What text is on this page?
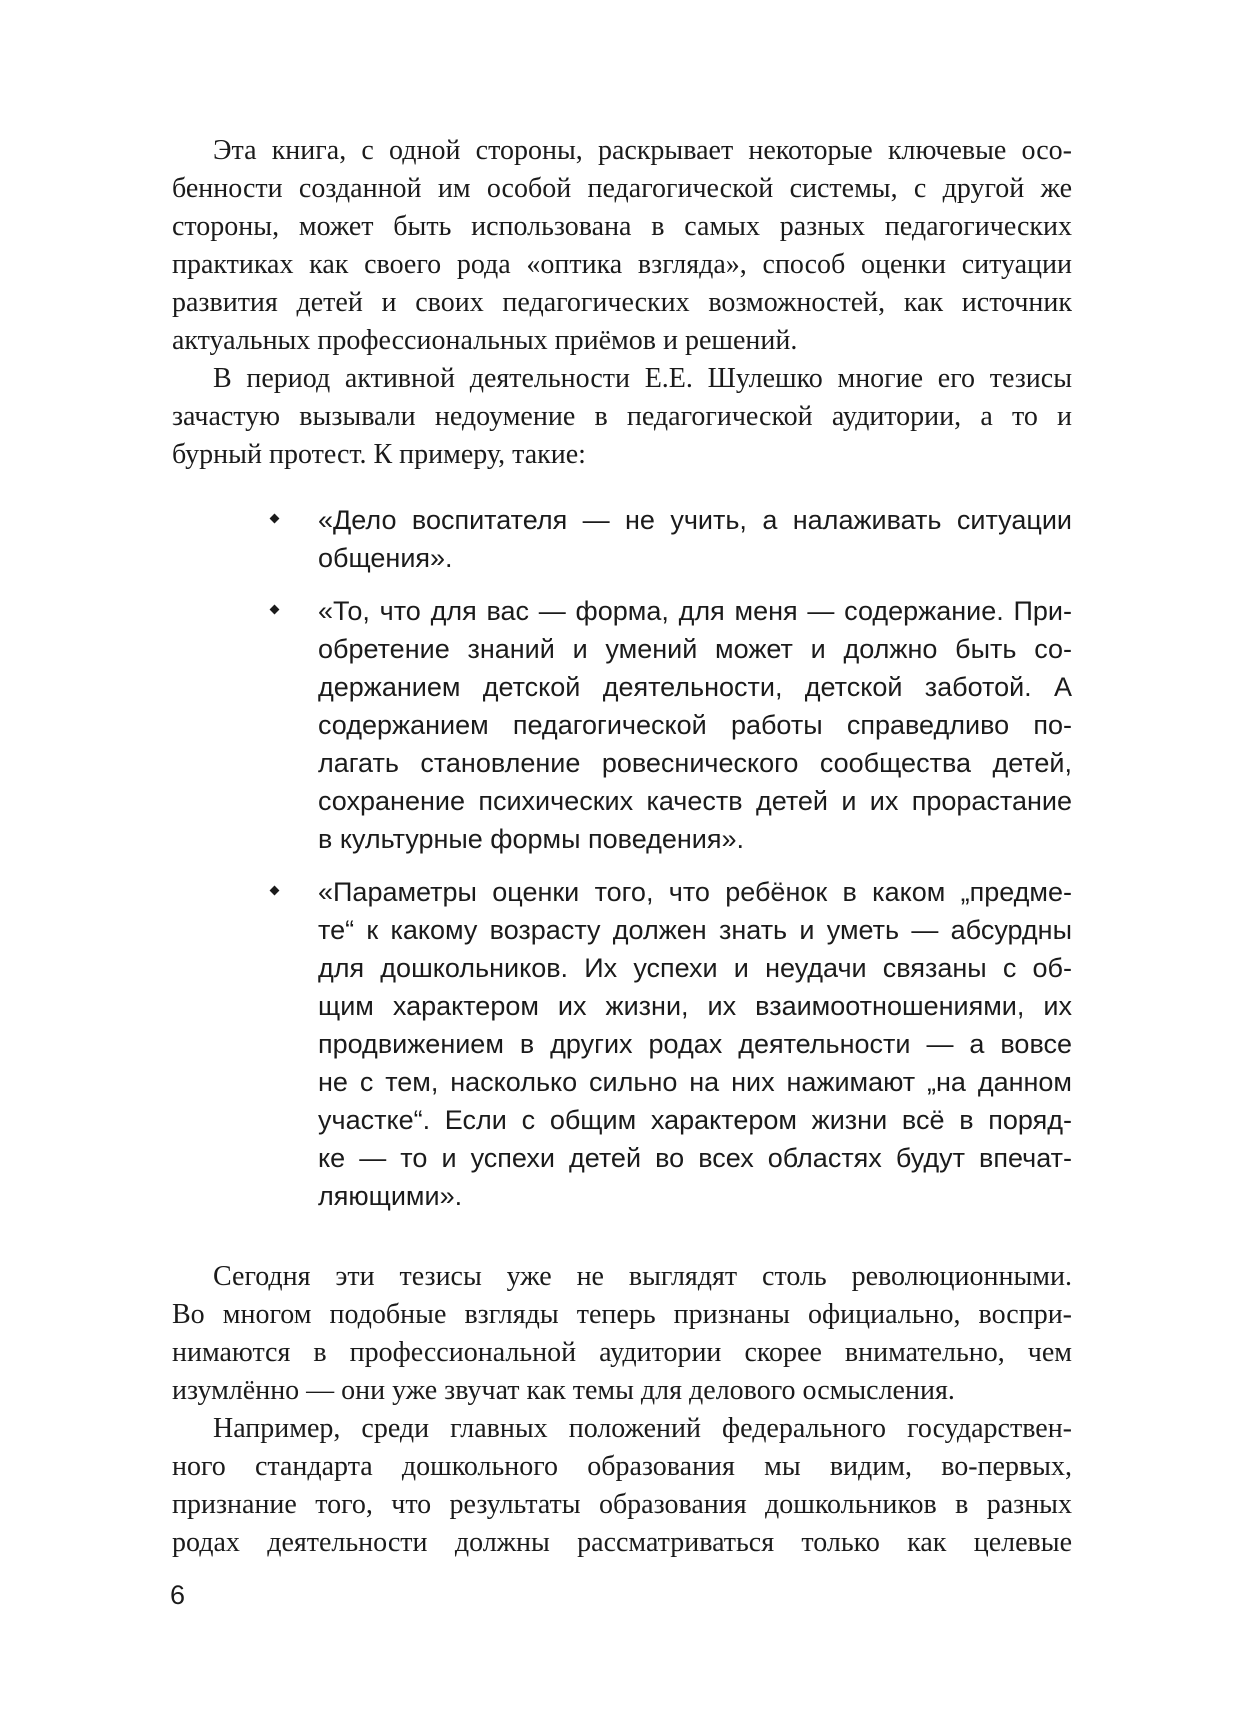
Эта книга, с одной стороны, раскрывает некоторые ключевые осо-
бенности созданной им особой педагогической системы, с другой же
стороны, может быть использована в самых разных педагогических
практиках как своего рода «оптика взгляда», способ оценки ситуации
развития детей и своих педагогических возможностей, как источник
актуальных профессиональных приёмов и решений.
В период активной деятельности Е.Е. Шулешко многие его тезисы
зачастую вызывали недоумение в педагогической аудитории, а то и
бурный протест. К примеру, такие:
«Дело воспитателя — не учить, а налаживать ситуации
общения».
«То, что для вас — форма, для меня — содержание. При-
обретение знаний и умений может и должно быть со-
держанием детской деятельности, детской заботой. А
содержанием педагогической работы справедливо по-
лагать становление ровеснического сообщества детей,
сохранение психических качеств детей и их прорастание
в культурные формы поведения».
«Параметры оценки того, что ребёнок в каком „предме-
те“ к какому возрасту должен знать и уметь — абсурдны
для дошкольников. Их успехи и неудачи связаны с об-
щим характером их жизни, их взаимоотношениями, их
продвижением в других родах деятельности — а вовсе
не с тем, насколько сильно на них нажимают „на данном
участке“. Если с общим характером жизни всё в поряд-
ке — то и успехи детей во всех областях будут впечат-
ляющими».
Сегодня эти тезисы уже не выглядят столь революционными.
Во многом подобные взгляды теперь признаны официально, воспри-
нимаются в профессиональной аудитории скорее внимательно, чем
изумлённо — они уже звучат как темы для делового осмысления.
Например, среди главных положений федерального государствен-
ного стандарта дошкольного образования мы видим, во-первых,
признание того, что результаты образования дошкольников в разных
родах деятельности должны рассматриваться только как целевые
6
